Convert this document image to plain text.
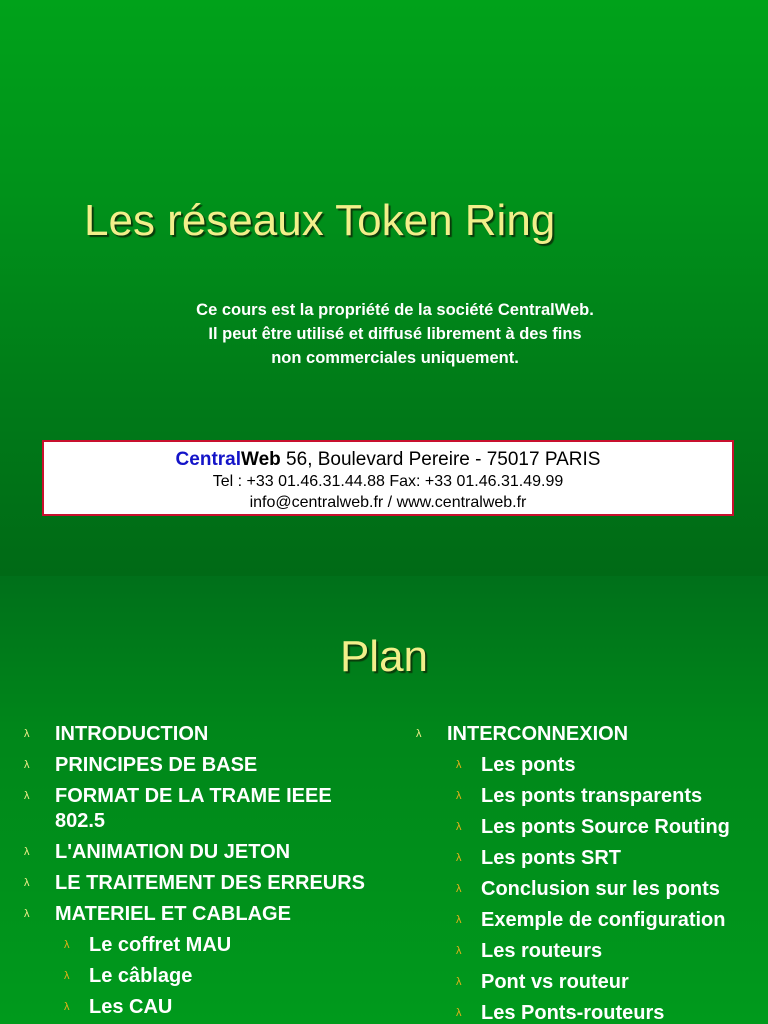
Les réseaux Token Ring
Ce cours est la propriété de la société CentralWeb.
Il peut être utilisé et diffusé librement à des fins
non commerciales uniquement.
CentralWeb 56, Boulevard Pereire - 75017 PARIS
Tel : +33 01.46.31.44.88 Fax: +33 01.46.31.49.99
info@centralweb.fr / www.centralweb.fr
Plan
λ INTRODUCTION
λ PRINCIPES DE BASE
λ FORMAT DE LA TRAME IEEE 802.5
λ L'ANIMATION DU JETON
λ LE TRAITEMENT DES ERREURS
λ MATERIEL ET CABLAGE
λ Le coffret MAU
λ Le câblage
λ Les CAU
λ INTERCONNEXION
λ Les ponts
λ Les ponts transparents
λ Les ponts Source Routing
λ Les ponts SRT
λ Conclusion sur les ponts
λ Exemple de configuration
λ Les routeurs
λ Pont vs routeur
λ Les Ponts-routeurs
